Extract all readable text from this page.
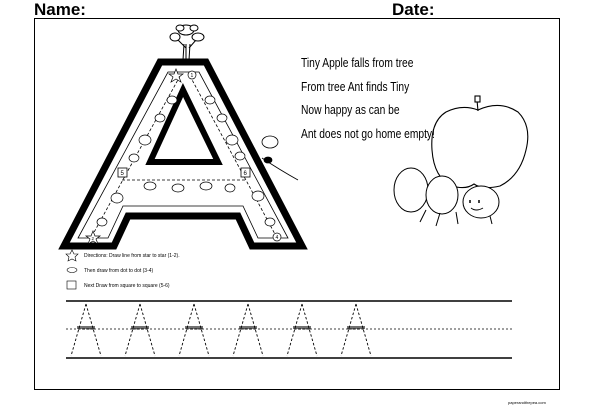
Name:	Date:
1
2	4
5	6
Tiny Apple falls from tree
From tree Ant finds Tiny
Now happy as can be
Ant does not go home empty!
Directions: Draw line from star to star (1-2).
Then draw from dot to dot (3-4)
Next Draw from square to square (5-6)
paperandthepea.com
